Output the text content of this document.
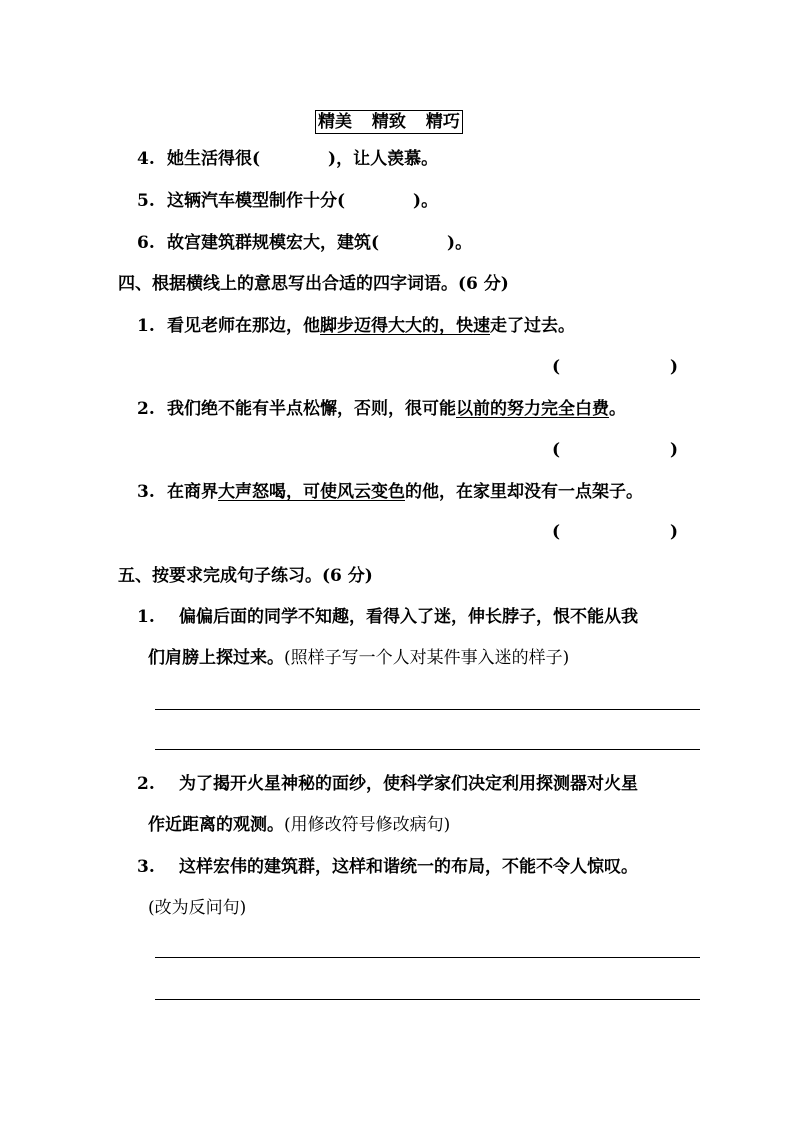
精美 精致 精巧
4. 她生活得很(	)，让人羡慕。
5. 这辆汽车模型制作十分(	)。
6. 故宫建筑群规模宏大，建筑(	)。
四、根据横线上的意思写出合适的四字词语。(6 分)
1. 看见老师在那边，他脚步迈得大大的，快速走了过去。
(	)
2. 我们绝不能有半点松懈，否则，很可能以前的努力完全白费。
(	)
3. 在商界大声怒喝，可使风云变色的他，在家里却没有一点架子。
(	)
五、按要求完成句子练习。(6 分)
1. 偏偏后面的同学不知趣，看得入了迷，伸长脖子，恨不能从我
们肩膀上探过来。(照样子写一个人对某件事入迷的样子)
2. 为了揭开火星神秘的面纱，使科学家们决定利用探测器对火星
作近距离的观测。(用修改符号修改病句)
3. 这样宏伟的建筑群，这样和谐统一的布局，不能不令人惊叹。
(改为反问句)
